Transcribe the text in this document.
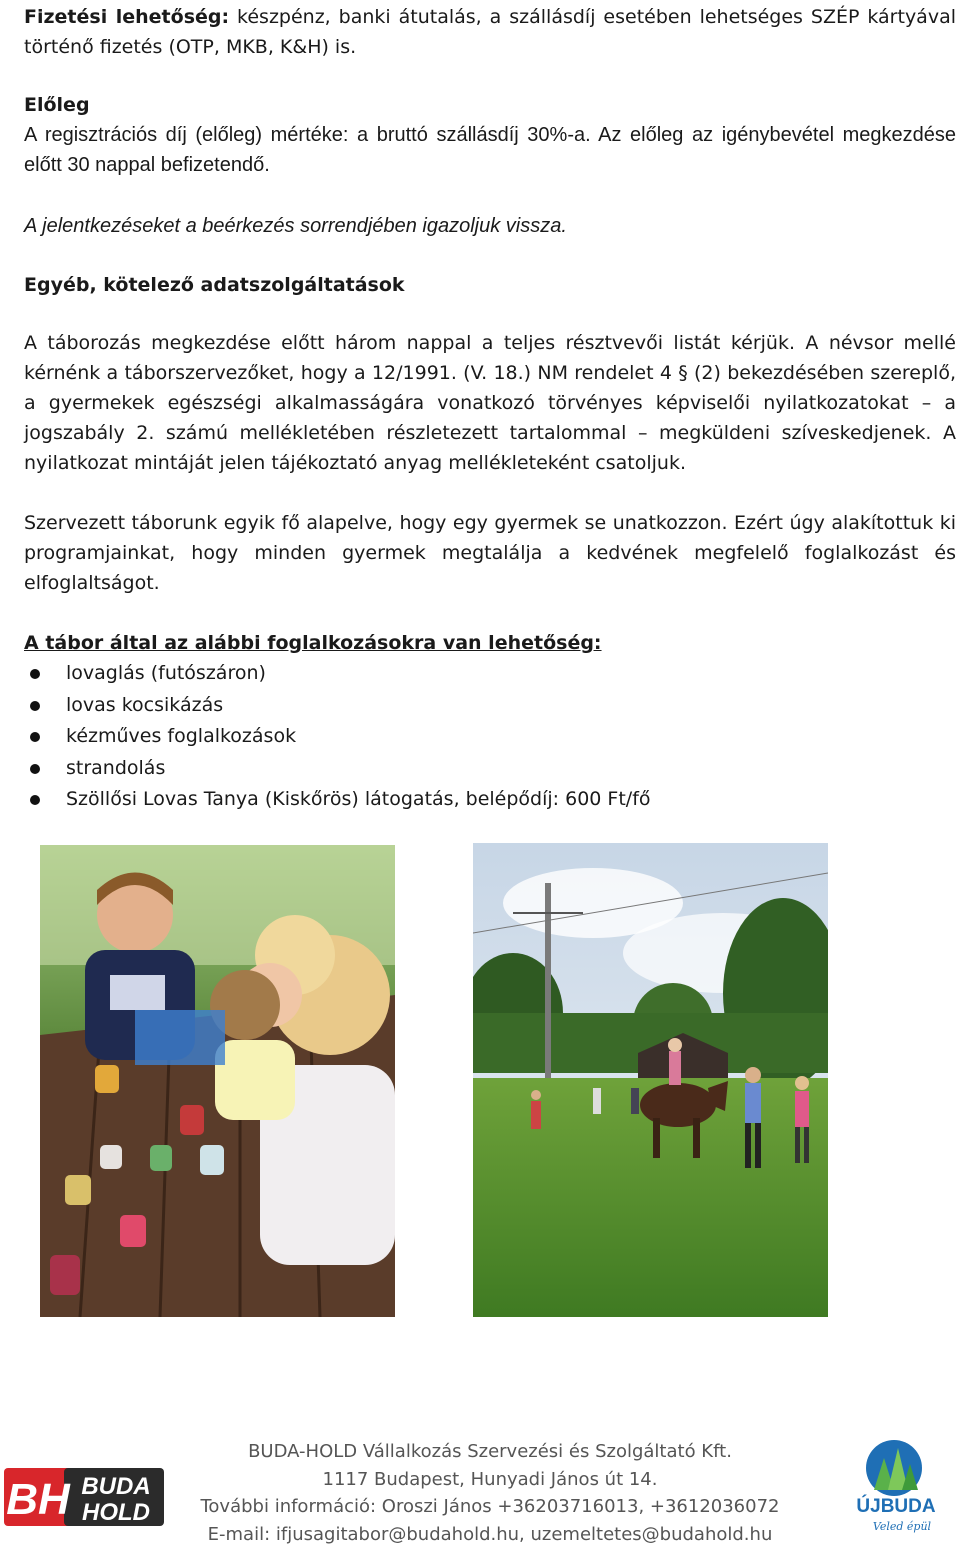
Fizetési lehetőség: készpénz, banki átutalás, a szállásdíj esetében lehetséges SZÉP kártyával történő fizetés (OTP, MKB, K&H) is.
Előleg
A regisztrációs díj (előleg) mértéke: a bruttó szállásdíj 30%-a. Az előleg az igénybevétel megkezdése előtt 30 nappal befizetendő.
A jelentkezéseket a beérkezés sorrendjében igazoljuk vissza.
Egyéb, kötelező adatszolgáltatások
A táborozás megkezdése előtt három nappal a teljes résztvevői listát kérjük. A névsor mellé kérnénk a táborszervezőket, hogy a 12/1991. (V. 18.) NM rendelet 4 § (2) bekezdésében szereplő, a gyermekek egészségi alkalmasságára vonatkozó törvényes képviselői nyilatkozatokat – a jogszabály 2. számú mellékletében részletezett tartalommal – megküldeni szíveskedjenek. A nyilatkozat mintáját jelen tájékoztató anyag mellékleteként csatoljuk.
Szervezett táborunk egyik fő alapelve, hogy egy gyermek se unatkozzon. Ezért úgy alakítottuk ki programjainkat, hogy minden gyermek megtalálja a kedvének megfelelő foglalkozást és elfoglaltságot.
A tábor által az alábbi foglalkozásokra van lehetőség:
lovaglás (futószáron)
lovas kocsikázás
kézműves foglalkozások
strandolás
Szöllősi Lovas Tanya (Kiskőrös) látogatás, belépődíj: 600 Ft/fő
BUDA-HOLD Vállalkozás Szervezési és Szolgáltató Kft.
1117 Budapest, Hunyadi János út 14.
További információ: Oroszi János +36203716013, +3612036072
E-mail: ifjusagitabor@budahold.hu, uzemeltetes@budahold.hu
BH BUDA
HOLD	ÚJBUDA
Veled épül
